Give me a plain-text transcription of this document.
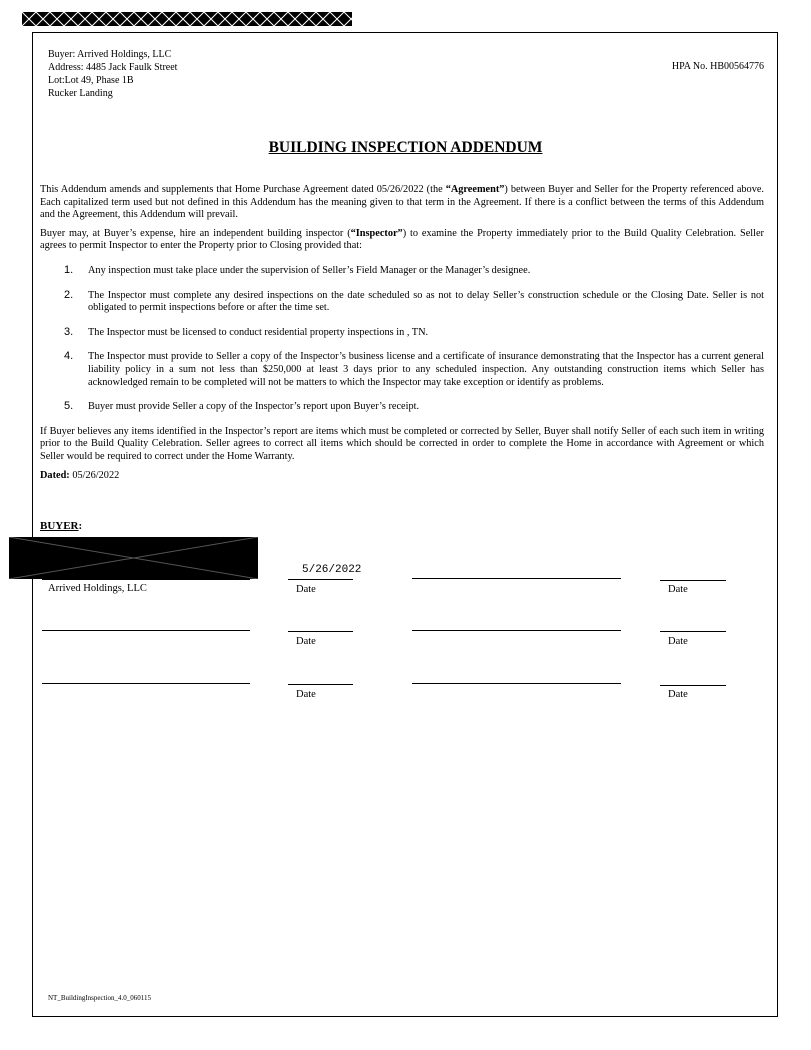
Buyer: Arrived Holdings, LLC
Address: 4485 Jack Faulk Street
Lot:Lot 49, Phase 1B
Rucker Landing
HPA No. HB00564776
BUILDING INSPECTION ADDENDUM

This Addendum amends and supplements that Home Purchase Agreement dated 05/26/2022 (the “Agreement”) between Buyer and Seller for the Property referenced above. Each capitalized term used but not defined in this Addendum has the meaning given to that term in the Agreement. If there is a conflict between the terms of this Addendum and the Agreement, this Addendum will prevail.

Buyer may, at Buyer’s expense, hire an independent building inspector (“Inspector”) to examine the Property immediately prior to the Build Quality Celebration. Seller agrees to permit Inspector to enter the Property prior to Closing provided that:

1. Any inspection must take place under the supervision of Seller’s Field Manager or the Manager’s designee.
2. The Inspector must complete any desired inspections on the date scheduled so as not to delay Seller’s construction schedule or the Closing Date. Seller is not obligated to permit inspections before or after the time set.
3. The Inspector must be licensed to conduct residential property inspections in , TN.
4. The Inspector must provide to Seller a copy of the Inspector’s business license and a certificate of insurance demonstrating that the Inspector has a current general liability policy in a sum not less than $250,000 at least 3 days prior to any scheduled inspection. Any outstanding construction items which Seller has acknowledged remain to be completed will not be matters to which the Inspector may take exception or identify as problems.
5. Buyer must provide Seller a copy of the Inspector’s report upon Buyer’s receipt.

If Buyer believes any items identified in the Inspector’s report are items which must be completed or corrected by Seller, Buyer shall notify Seller of each such item in writing prior to the Build Quality Celebration. Seller agrees to correct all items which should be corrected in order to complete the Home in accordance with Agreement or which Seller would be required to correct under the Home Warranty.

Dated: 05/26/2022

BUYER:
5/26/2022
Arrived Holdings, LLC	Date	Date
Date	Date
Date	Date
NT_BuildingInspection_4.0_060115
